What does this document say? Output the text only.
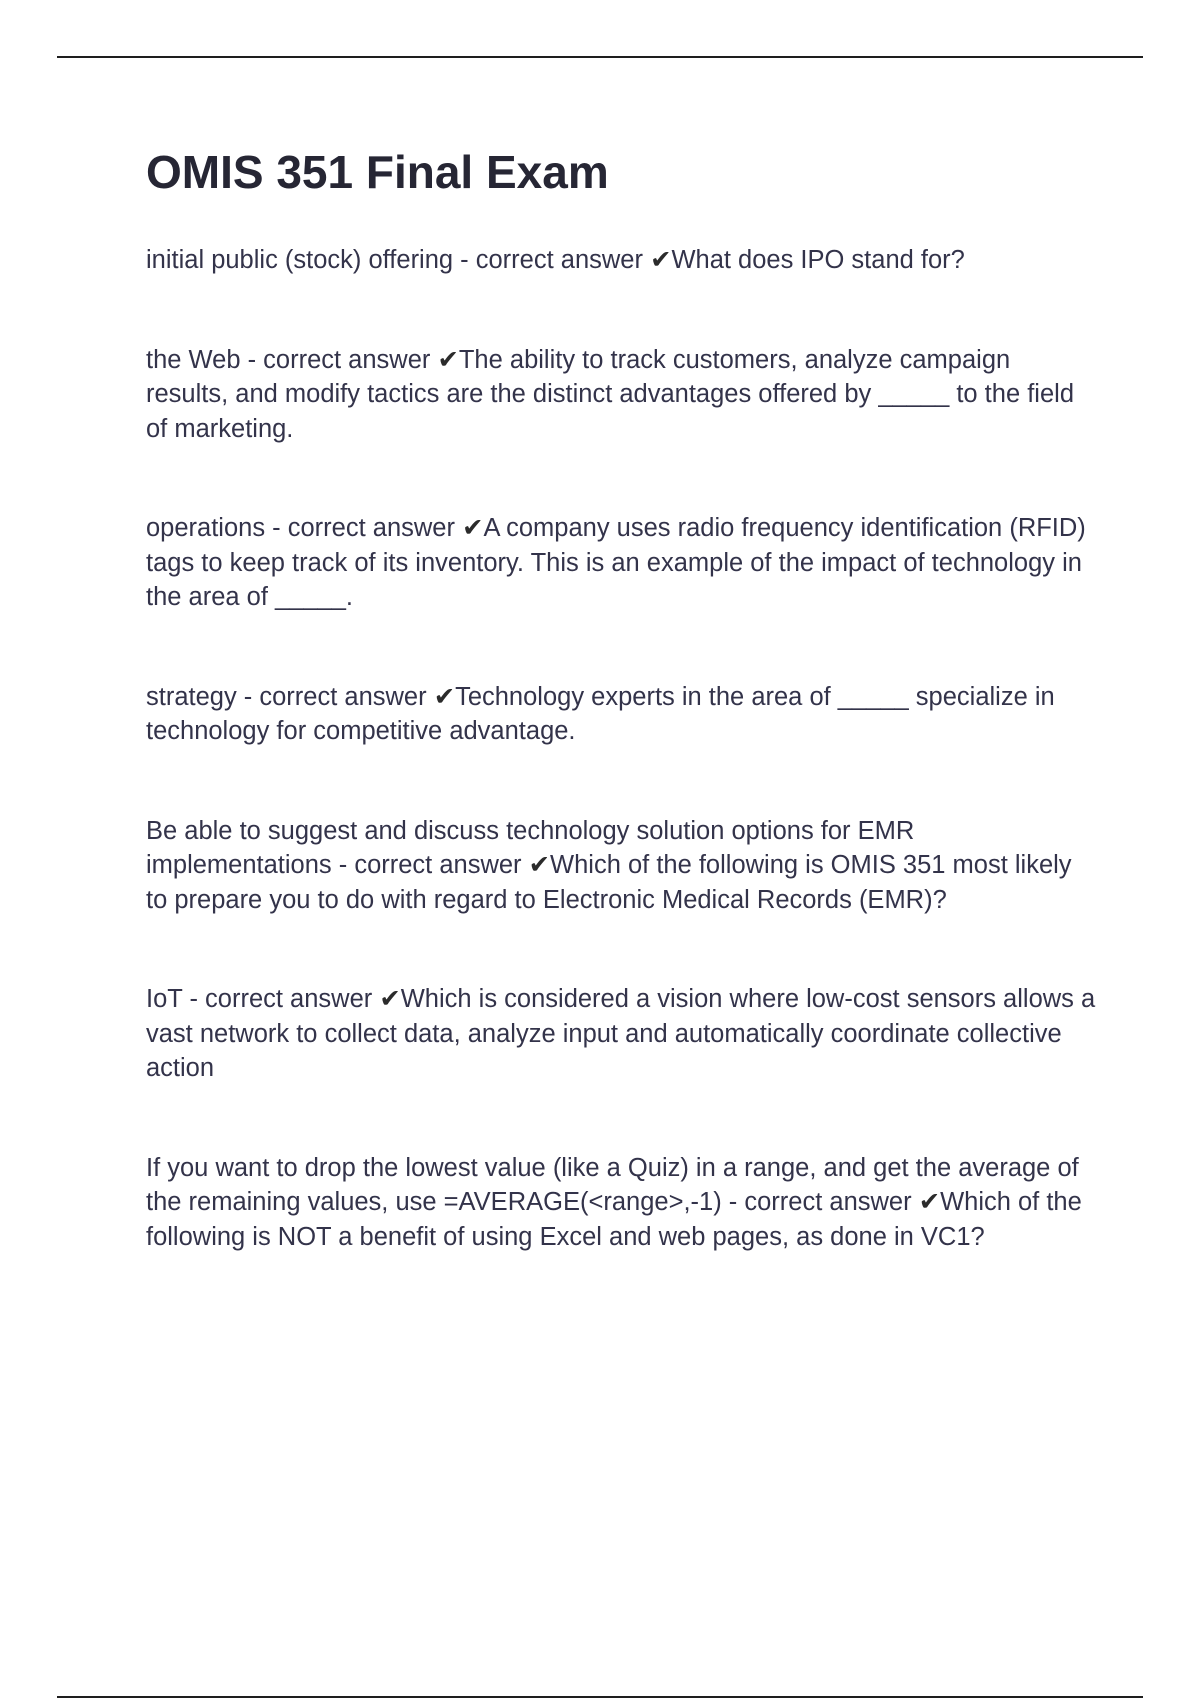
OMIS 351 Final Exam
initial public (stock) offering - correct answer ✔What does IPO stand for?
the Web - correct answer ✔The ability to track customers, analyze campaign results, and modify tactics are the distinct advantages offered by _____ to the field of marketing.
operations - correct answer ✔A company uses radio frequency identification (RFID) tags to keep track of its inventory. This is an example of the impact of technology in the area of _____.
strategy - correct answer ✔Technology experts in the area of _____ specialize in technology for competitive advantage.
Be able to suggest and discuss technology solution options for EMR implementations - correct answer ✔Which of the following is OMIS 351 most likely to prepare you to do with regard to Electronic Medical Records (EMR)?
IoT - correct answer ✔Which is considered a vision where low-cost sensors allows a vast network to collect data, analyze input and automatically coordinate collective action
If you want to drop the lowest value (like a Quiz) in a range, and get the average of the remaining values, use =AVERAGE(<range>,-1) - correct answer ✔Which of the following is NOT a benefit of using Excel and web pages, as done in VC1?
